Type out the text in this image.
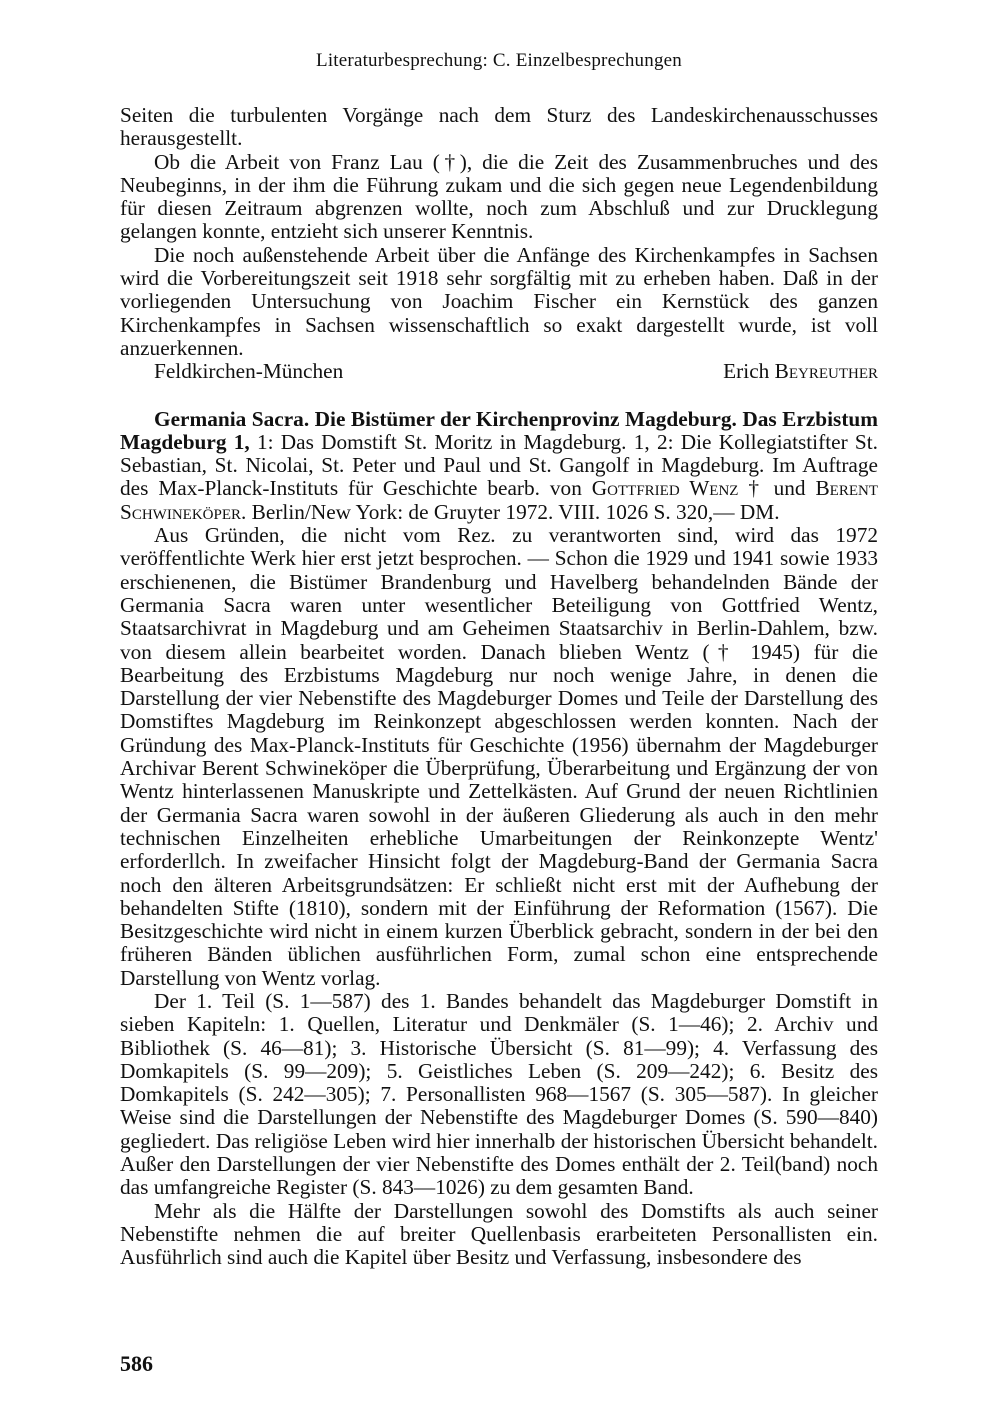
Literaturbesprechung: C. Einzelbesprechungen

Seiten die turbulenten Vorgänge nach dem Sturz des Landeskirchenausschusses herausgestellt.

Ob die Arbeit von Franz Lau (†), die die Zeit des Zusammenbruches und des Neubeginns, in der ihm die Führung zukam und die sich gegen neue Legendenbildung für diesen Zeitraum abgrenzen wollte, noch zum Abschluß und zur Drucklegung gelangen konnte, entzieht sich unserer Kenntnis.

Die noch außenstehende Arbeit über die Anfänge des Kirchenkampfes in Sachsen wird die Vorbereitungszeit seit 1918 sehr sorgfältig mit zu erheben haben. Daß in der vorliegenden Untersuchung von Joachim Fischer ein Kernstück des ganzen Kirchenkampfes in Sachsen wissenschaftlich so exakt dargestellt wurde, ist voll anzuerkennen.

Feldkirchen-München	Erich Beyreuther

Germania Sacra. Die Bistümer der Kirchenprovinz Magdeburg. Das Erzbistum Magdeburg 1, 1: Das Domstift St. Moritz in Magdeburg. 1, 2: Die Kollegiatstifter St. Sebastian, St. Nicolai, St. Peter und Paul und St. Gangolf in Magdeburg. Im Auftrage des Max-Planck-Instituts für Geschichte bearb. von Gottfried Wenz † und Berent Schwineköper. Berlin/New York: de Gruyter 1972. VIII. 1026 S. 320,— DM.

Aus Gründen, die nicht vom Rez. zu verantworten sind, wird das 1972 veröffentlichte Werk hier erst jetzt besprochen. — Schon die 1929 und 1941 sowie 1933 erschienenen, die Bistümer Brandenburg und Havelberg behandelnden Bände der Germania Sacra waren unter wesentlicher Beteiligung von Gottfried Wentz, Staatsarchivrat in Magdeburg und am Geheimen Staatsarchiv in Berlin-Dahlem, bzw. von diesem allein bearbeitet worden. Danach blieben Wentz († 1945) für die Bearbeitung des Erzbistums Magdeburg nur noch wenige Jahre, in denen die Darstellung der vier Nebenstifte des Magdeburger Domes und Teile der Darstellung des Domstiftes Magdeburg im Reinkonzept abgeschlossen werden konnten. Nach der Gründung des Max-Planck-Instituts für Geschichte (1956) übernahm der Magdeburger Archivar Berent Schwineköper die Überprüfung, Überarbeitung und Ergänzung der von Wentz hinterlassenen Manuskripte und Zettelkästen. Auf Grund der neuen Richtlinien der Germania Sacra waren sowohl in der äußeren Gliederung als auch in den mehr technischen Einzelheiten erhebliche Umarbeitungen der Reinkonzepte Wentz' erforderllch. In zweifacher Hinsicht folgt der Magdeburg-Band der Germania Sacra noch den älteren Arbeitsgrundsätzen: Er schließt nicht erst mit der Aufhebung der behandelten Stifte (1810), sondern mit der Einführung der Reformation (1567). Die Besitzgeschichte wird nicht in einem kurzen Überblick gebracht, sondern in der bei den früheren Bänden üblichen ausführlichen Form, zumal schon eine entsprechende Darstellung von Wentz vorlag.

Der 1. Teil (S. 1—587) des 1. Bandes behandelt das Magdeburger Domstift in sieben Kapiteln: 1. Quellen, Literatur und Denkmäler (S. 1—46); 2. Archiv und Bibliothek (S. 46—81); 3. Historische Übersicht (S. 81—99); 4. Verfassung des Domkapitels (S. 99—209); 5. Geistliches Leben (S. 209—242); 6. Besitz des Domkapitels (S. 242—305); 7. Personallisten 968—1567 (S. 305—587). In gleicher Weise sind die Darstellungen der Nebenstifte des Magdeburger Domes (S. 590—840) gegliedert. Das religiöse Leben wird hier innerhalb der historischen Übersicht behandelt. Außer den Darstellungen der vier Nebenstifte des Domes enthält der 2. Teil(band) noch das umfangreiche Register (S. 843—1026) zu dem gesamten Band.

Mehr als die Hälfte der Darstellungen sowohl des Domstifts als auch seiner Nebenstifte nehmen die auf breiter Quellenbasis erarbeiteten Personallisten ein. Ausführlich sind auch die Kapitel über Besitz und Verfassung, insbesondere des

586
